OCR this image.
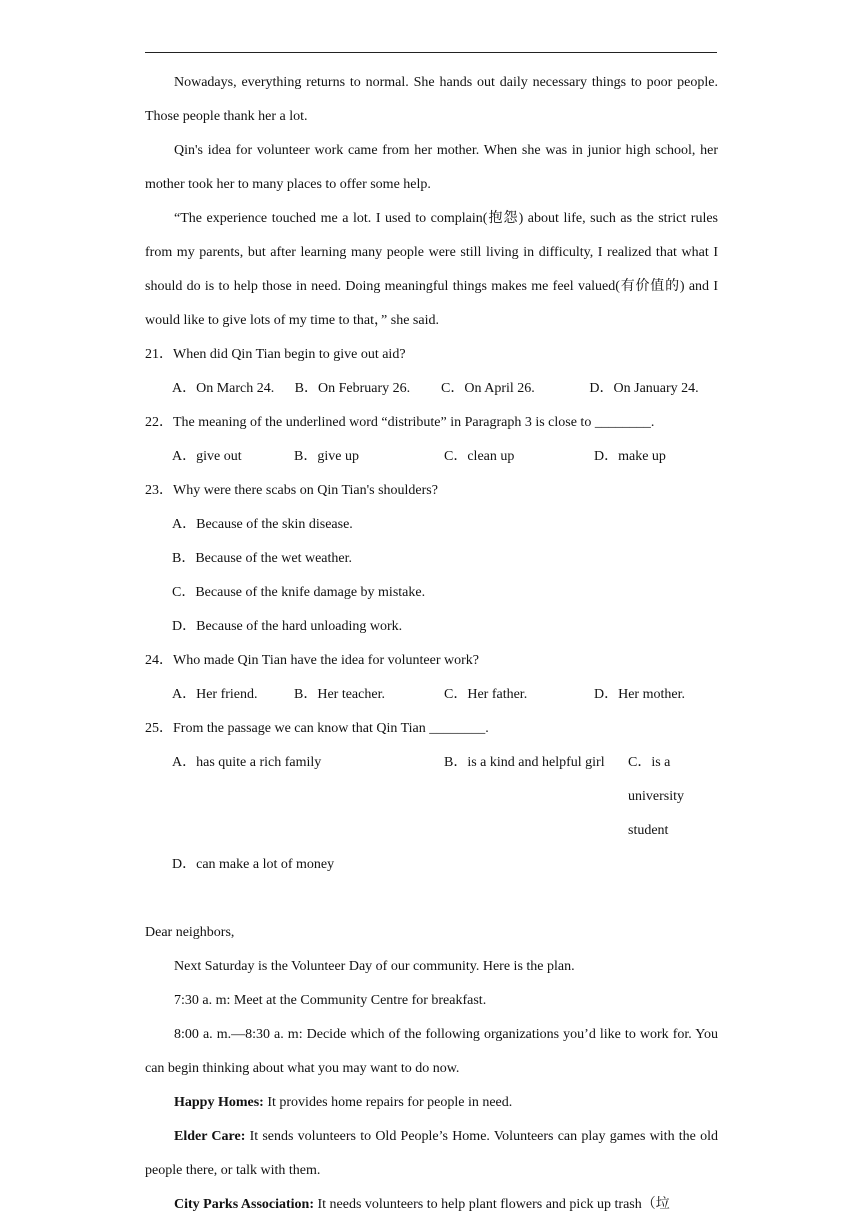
Nowadays, everything returns to normal. She hands out daily necessary things to poor people. Those people thank her a lot.

Qin's idea for volunteer work came from her mother. When she was in junior high school, her mother took her to many places to offer some help.

“The experience touched me a lot. I used to complain(抱怨) about life, such as the strict rules from my parents, but after learning many people were still living in difficulty, I realized that what I should do is to help those in need. Doing meaningful things makes me feel valued(有价值的) and I would like to give lots of my time to that，” she said.

21．When did Qin Tian begin to give out aid?

A．On March 24.	B．On February 26.	C．On April 26.	D．On January 24.

22．The meaning of the underlined word “distribute” in Paragraph 3 is close to ________.

A．give out	B．give up	C．clean up	D．make up

23．Why were there scabs on Qin Tian's shoulders?

A．Because of the skin disease.
B．Because of the wet weather.
C．Because of the knife damage by mistake.
D．Because of the hard unloading work.

24．Who made Qin Tian have the idea for volunteer work?

A．Her friend.	B．Her teacher.	C．Her father.	D．Her mother.

25．From the passage we can know that Qin Tian ________.

A．has quite a rich family	B．is a kind and helpful girl	C．is a university student
D．can make a lot of money

Dear neighbors,

Next Saturday is the Volunteer Day of our community. Here is the plan.

7:30 a. m: Meet at the Community Centre for breakfast.

8:00 a. m.—8:30 a. m: Decide which of the following organizations you’d like to work for. You can begin thinking about what you may want to do now.

Happy Homes: It provides home repairs for people in need.

Elder Care: It sends volunteers to Old People’s Home. Volunteers can play games with the old people there, or talk with them.

City Parks Association: It needs volunteers to help plant flowers and pick up trash（垃
